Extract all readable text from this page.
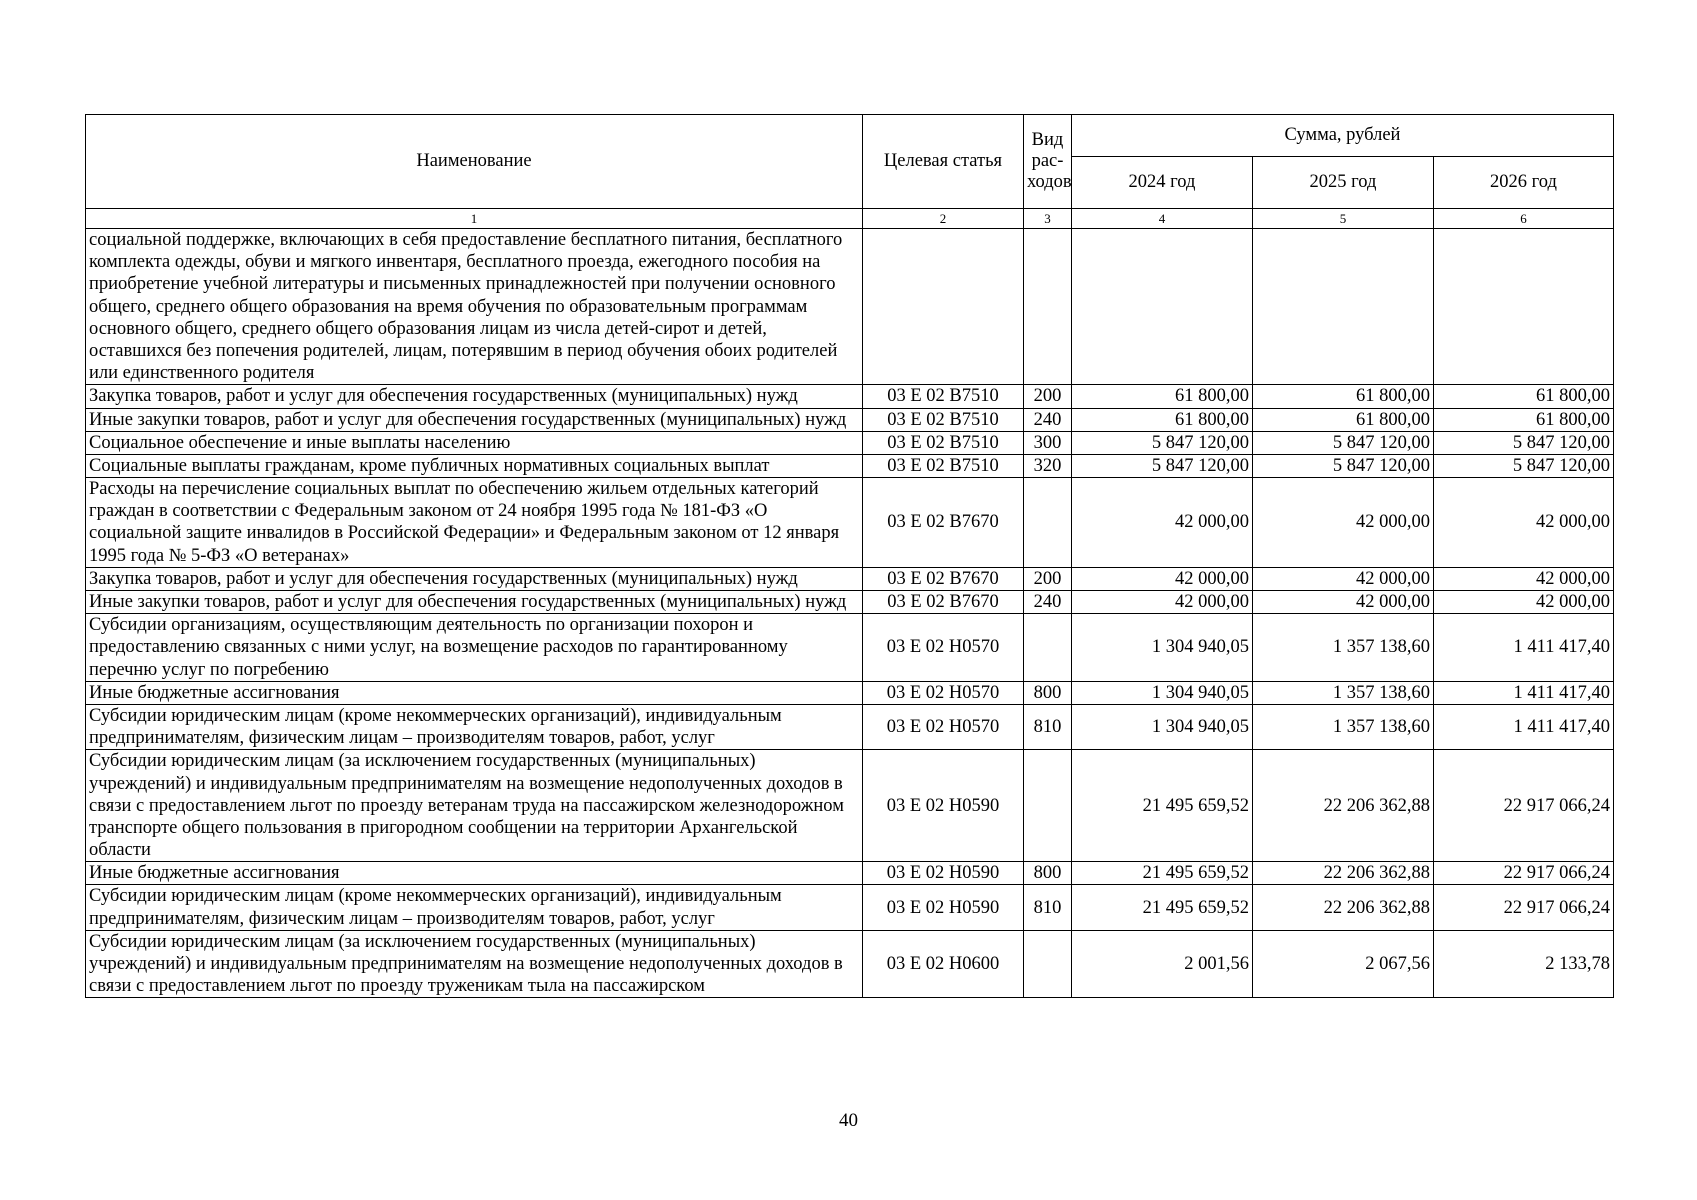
Наименование	Целевая статья	Вид рас-ходов	Сумма, рублей		
			2024 год	2025 год	2026 год
1	2	3	4	5	6
социальной поддержке, включающих в себя предоставление бесплатного питания, бесплатного комплекта одежды, обуви и мягкого инвентаря, бесплатного проезда, ежегодного пособия на приобретение учебной литературы и письменных принадлежностей при получении основного общего, среднего общего образования на время обучения по образовательным программам основного общего, среднего общего образования лицам из числа детей-сирот и детей, оставшихся без попечения родителей, лицам, потерявшим в период обучения обоих родителей или единственного родителя					
Закупка товаров, работ и услуг для обеспечения государственных (муниципальных) нужд	03 Е 02 В7510	200	61 800,00	61 800,00	61 800,00
Иные закупки товаров, работ и услуг для обеспечения государственных (муниципальных) нужд	03 Е 02 В7510	240	61 800,00	61 800,00	61 800,00
Социальное обеспечение и иные выплаты населению	03 Е 02 В7510	300	5 847 120,00	5 847 120,00	5 847 120,00
Социальные выплаты гражданам, кроме публичных нормативных социальных выплат	03 Е 02 В7510	320	5 847 120,00	5 847 120,00	5 847 120,00
Расходы на перечисление социальных выплат по обеспечению жильем отдельных категорий граждан в соответствии с Федеральным законом от 24 ноября 1995 года № 181-ФЗ «О социальной защите инвалидов в Российской Федерации» и Федеральным законом от 12 января 1995 года № 5-ФЗ «О ветеранах»	03 Е 02 В7670		42 000,00	42 000,00	42 000,00
Закупка товаров, работ и услуг для обеспечения государственных (муниципальных) нужд	03 Е 02 В7670	200	42 000,00	42 000,00	42 000,00
Иные закупки товаров, работ и услуг для обеспечения государственных (муниципальных) нужд	03 Е 02 В7670	240	42 000,00	42 000,00	42 000,00
Субсидии организациям, осуществляющим деятельность по организации похорон и предоставлению связанных с ними услуг, на возмещение расходов по гарантированному перечню услуг по погребению	03 Е 02 Н0570		1 304 940,05	1 357 138,60	1 411 417,40
Иные бюджетные ассигнования	03 Е 02 Н0570	800	1 304 940,05	1 357 138,60	1 411 417,40
Субсидии юридическим лицам (кроме некоммерческих организаций), индивидуальным предпринимателям, физическим лицам – производителям товаров, работ, услуг	03 Е 02 Н0570	810	1 304 940,05	1 357 138,60	1 411 417,40
Субсидии юридическим лицам (за исключением государственных (муниципальных) учреждений) и индивидуальным предпринимателям на возмещение недополученных доходов в связи с предоставлением льгот по проезду ветеранам труда на пассажирском железнодорожном транспорте общего пользования в пригородном сообщении на территории Архангельской области	03 Е 02 Н0590		21 495 659,52	22 206 362,88	22 917 066,24
Иные бюджетные ассигнования	03 Е 02 Н0590	800	21 495 659,52	22 206 362,88	22 917 066,24
Субсидии юридическим лицам (кроме некоммерческих организаций), индивидуальным предпринимателям, физическим лицам – производителям товаров, работ, услуг	03 Е 02 Н0590	810	21 495 659,52	22 206 362,88	22 917 066,24
Субсидии юридическим лицам (за исключением государственных (муниципальных) учреждений) и индивидуальным предпринимателям на возмещение недополученных доходов в связи с предоставлением льгот по проезду труженикам тыла на пассажирском	03 Е 02 Н0600		2 001,56	2 067,56	2 133,78
40
